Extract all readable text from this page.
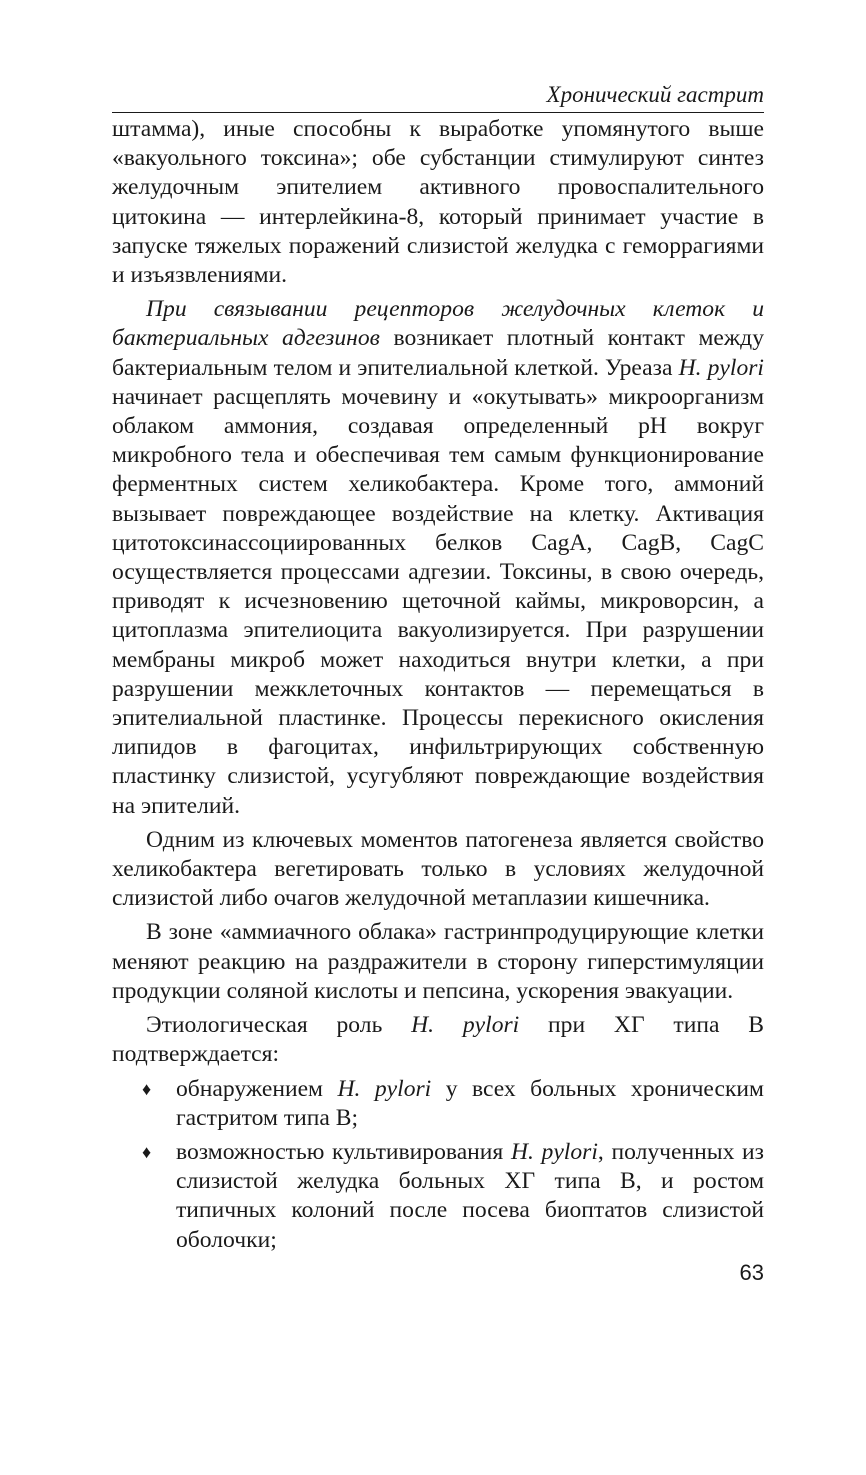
Хронический гастрит

штамма), иные способны к выработке упомянутого выше «вакуольного токсина»; обе субстанции стимулируют синтез желудочным эпителием активного провоспалительного цитокина — интерлейкина-8, который принимает участие в запуске тяжелых поражений слизистой желудка с геморрагиями и изъязвлениями.

При связывании рецепторов желудочных клеток и бактериальных адгезинов возникает плотный контакт между бактериальным телом и эпителиальной клеткой. Уреаза H. pylori начинает расщеплять мочевину и «окутывать» микроорганизм облаком аммония, создавая определенный pH вокруг микробного тела и обеспечивая тем самым функционирование ферментных систем хеликобактера. Кроме того, аммоний вызывает повреждающее воздействие на клетку. Активация цитотоксинассоциированных белков CagA, CagB, CagC осуществляется процессами адгезии. Токсины, в свою очередь, приводят к исчезновению щеточной каймы, микроворсин, а цитоплазма эпителиоцита вакуолизируется. При разрушении мембраны микроб может находиться внутри клетки, а при разрушении межклеточных контактов — перемещаться в эпителиальной пластинке. Процессы перекисного окисления липидов в фагоцитах, инфильтрирующих собственную пластинку слизистой, усугубляют повреждающие воздействия на эпителий.

Одним из ключевых моментов патогенеза является свойство хеликобактера вегетировать только в условиях желудочной слизистой либо очагов желудочной метаплазии кишечника.

В зоне «аммиачного облака» гастринпродуцирующие клетки меняют реакцию на раздражители в сторону гиперстимуляции продукции соляной кислоты и пепсина, ускорения эвакуации.

Этиологическая роль H. pylori при ХГ типа В подтверждается:

♦ обнаружением H. pylori у всех больных хроническим гастритом типа В;
♦ возможностью культивирования H. pylori, полученных из слизистой желудка больных ХГ типа В, и ростом типичных колоний после посева биоптатов слизистой оболочки;
63
